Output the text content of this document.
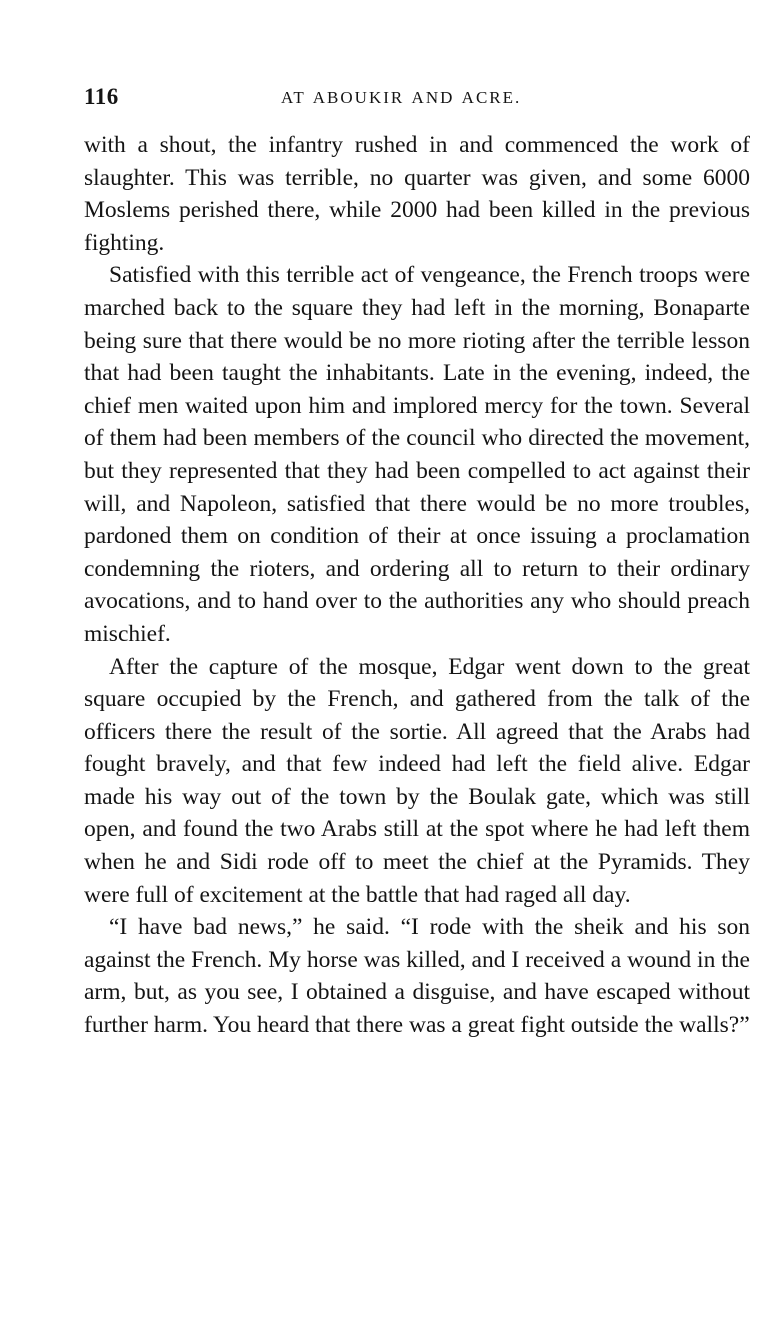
116	AT ABOUKIR AND ACRE.

with a shout, the infantry rushed in and commenced the work of slaughter. This was terrible, no quarter was given, and some 6000 Moslems perished there, while 2000 had been killed in the previous fighting.

Satisfied with this terrible act of vengeance, the French troops were marched back to the square they had left in the morning, Bonaparte being sure that there would be no more rioting after the terrible lesson that had been taught the inhabitants. Late in the evening, indeed, the chief men waited upon him and implored mercy for the town. Several of them had been members of the council who directed the movement, but they represented that they had been compelled to act against their will, and Napoleon, satisfied that there would be no more troubles, pardoned them on condition of their at once issuing a proclamation condemning the rioters, and ordering all to return to their ordinary avocations, and to hand over to the authorities any who should preach mischief.

After the capture of the mosque, Edgar went down to the great square occupied by the French, and gathered from the talk of the officers there the result of the sortie. All agreed that the Arabs had fought bravely, and that few indeed had left the field alive. Edgar made his way out of the town by the Boulak gate, which was still open, and found the two Arabs still at the spot where he had left them when he and Sidi rode off to meet the chief at the Pyramids. They were full of excitement at the battle that had raged all day.

“I have bad news,” he said. “I rode with the sheik and his son against the French. My horse was killed, and I received a wound in the arm, but, as you see, I obtained a disguise, and have escaped without further harm. You heard that there was a great fight outside the walls?”
